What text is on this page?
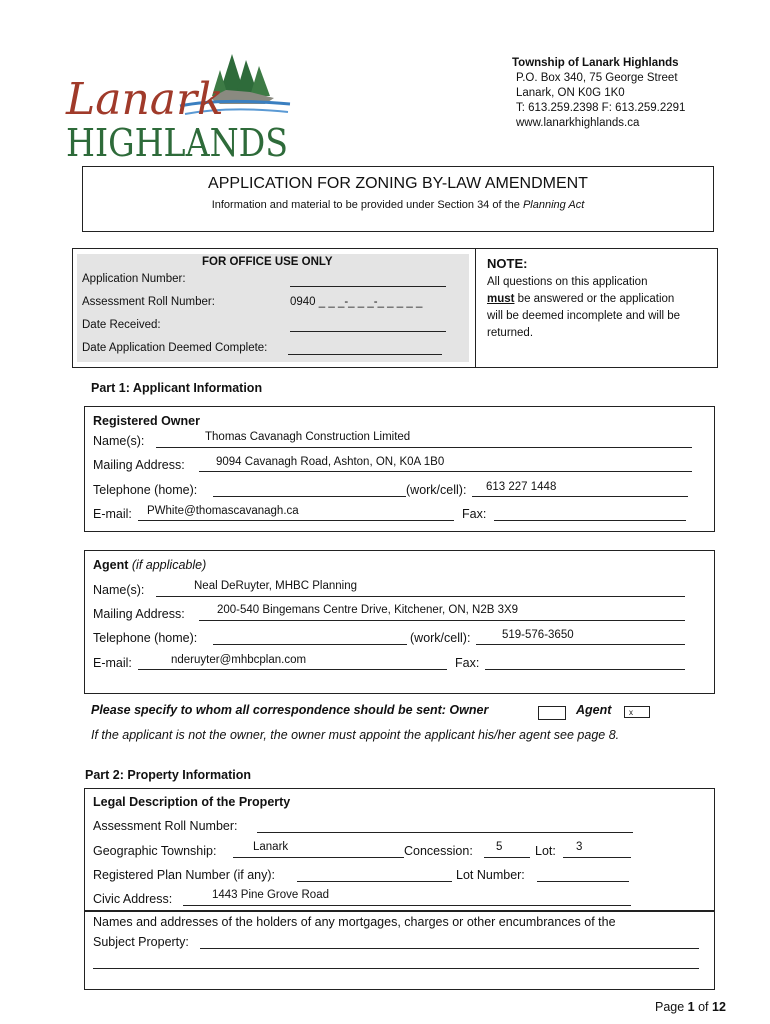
Lanark
HIGHLANDS
Township of Lanark Highlands
P.O. Box 340, 75 George Street
Lanark, ON K0G 1K0
T: 613.259.2398 F: 613.259.2291
www.lanarkhighlands.ca
APPLICATION FOR ZONING BY-LAW AMENDMENT
Information and material to be provided under Section 34 of the Planning Act
FOR OFFICE USE ONLY
Application Number:
Assessment Roll Number:	0940 _ _ _-_ _ _-_ _ _ _ _
Date Received:
Date Application Deemed Complete:
NOTE:
All questions on this application
must be answered or the application
will be deemed incomplete and will be
returned.
Part 1: Applicant Information
Registered Owner
Name(s):	Thomas Cavanagh Construction Limited
Mailing Address:	9094 Cavanagh Road, Ashton, ON, K0A 1B0
Telephone (home):	(work/cell): 613 227 1448
E-mail: PWhite@thomascavanagh.ca	Fax:
Agent (if applicable)
Name(s):	Neal DeRuyter, MHBC Planning
Mailing Address:	200-540 Bingemans Centre Drive, Kitchener, ON, N2B 3X9
Telephone (home):	(work/cell):	519-576-3650
E-mail:	nderuyter@mhbcplan.com	Fax:
Please specify to whom all correspondence should be sent: Owner	Agent	x
If the applicant is not the owner, the owner must appoint the applicant his/her agent see page 8.
Part 2: Property Information
Legal Description of the Property
Assessment Roll Number:
Geographic Township:	Lanark	Concession: 5	Lot: 3
Registered Plan Number (if any):	Lot Number:
Civic Address:	1443 Pine Grove Road
Names and addresses of the holders of any mortgages, charges or other encumbrances of the
Subject Property:
Page 1 of 12
